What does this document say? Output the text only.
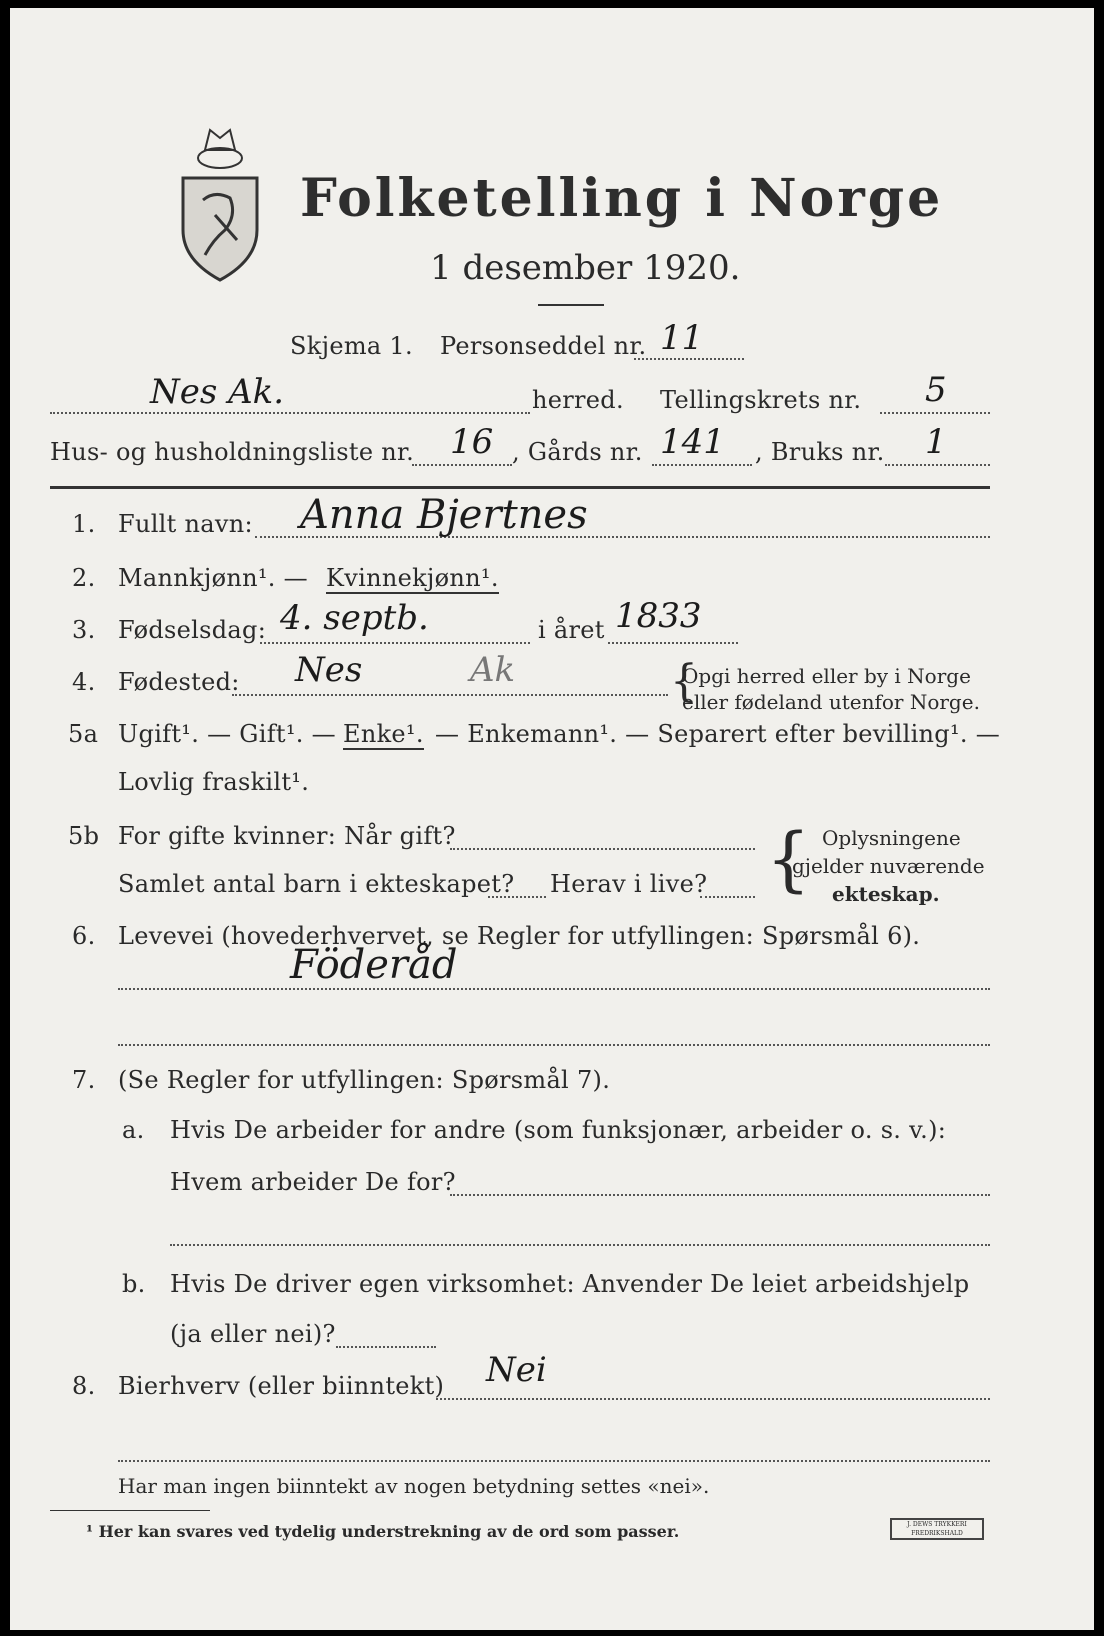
Folketelling i Norge
1 desember 1920.
Skjema 1. Personseddel nr. 11
Nes Ak.	herred. Tellingskrets nr. 5
Hus- og husholdningsliste nr. 16 , Gårds nr. 141 , Bruks nr. 1
1. Fullt navn: Anna Bjertnes
2. Mannkjønn¹. — Kvinnekjønn¹.
3. Fødselsdag: 4. septb.	i året 1833
4. Fødested: Nes	Ak	{
Opgi herred eller by i Norge
eller fødeland utenfor Norge.
5a Ugift¹. — Gift¹. — Enke¹. — Enkemann¹. — Separert efter bevilling¹. —
Lovlig fraskilt¹.
5b For gifte kvinner: Når gift?
Samlet antal barn i ekteskapet? Herav i live? { Oplysningene
gjelder nuværende
ekteskap.
6. Levevei (hovederhvervet, se Regler for utfyllingen: Spørsmål 6).
Föderåd
7. (Se Regler for utfyllingen: Spørsmål 7).
a. Hvis De arbeider for andre (som funksjonær, arbeider o. s. v.):
Hvem arbeider De for?
b. Hvis De driver egen virksomhet: Anvender De leiet arbeidshjelp
(ja eller nei)?
8. Bierhverv (eller biinntekt) Nei
Har man ingen biinntekt av nogen betydning settes «nei».
¹ Her kan svares ved tydelig understrekning av de ord som passer.	J. DEWS TRYKKERI FREDRIKSHALD
